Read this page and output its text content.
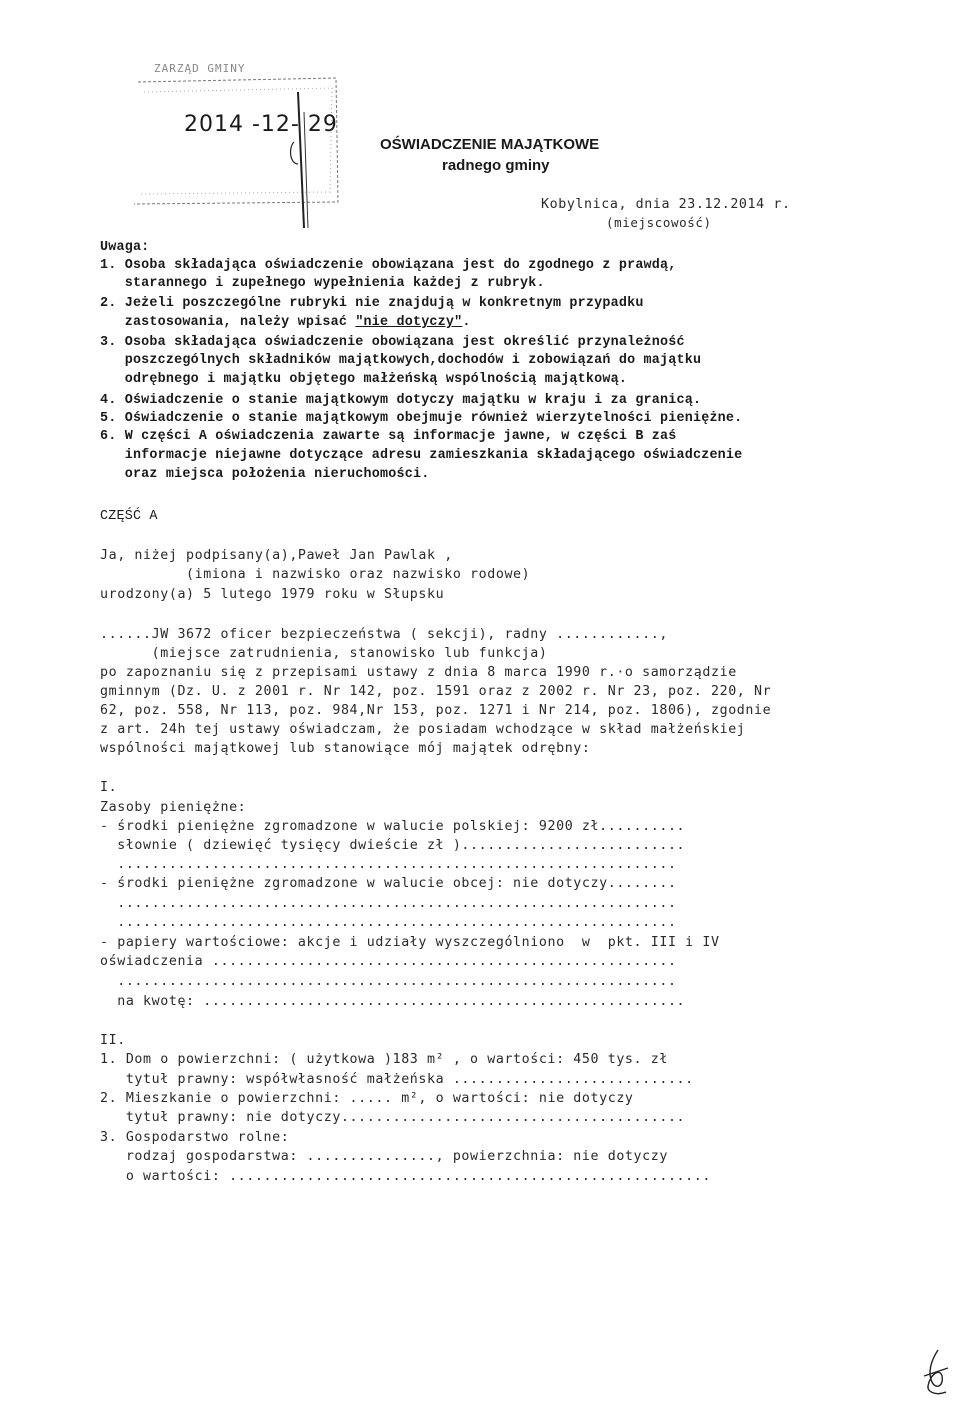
ZARZĄD GMINY
2014 -12- 29
OŚWIADCZENIE MAJĄTKOWE
radnego gminy
Kobylnica, dnia 23.12.2014 r.
(miejscowość)
Uwaga:
1. Osoba składająca oświadczenie obowiązana jest do zgodnego z prawdą,
starannego i zupełnego wypełnienia każdej z rubryk.
2. Jeżeli poszczególne rubryki nie znajdują w konkretnym przypadku
zastosowania, należy wpisać "nie dotyczy".
3. Osoba składająca oświadczenie obowiązana jest określić przynależność
poszczególnych składników majątkowych,dochodów i zobowiązań do majątku
odrębnego i majątku objętego małżeńską wspólnością majątkową.
4. Oświadczenie o stanie majątkowym dotyczy majątku w kraju i za granicą.
5. Oświadczenie o stanie majątkowym obejmuje również wierzytelności pieniężne.
6. W części A oświadczenia zawarte są informacje jawne, w części B zaś
informacje niejawne dotyczące adresu zamieszkania składającego oświadczenie
oraz miejsca położenia nieruchomości.
CZĘŚĆ A
Ja, niżej podpisany(a),Paweł Jan Pawlak ,
(imiona i nazwisko oraz nazwisko rodowe)
urodzony(a) 5 lutego 1979 roku w Słupsku
......JW 3672 oficer bezpieczeństwa ( sekcji), radny ............,
(miejsce zatrudnienia, stanowisko lub funkcja)
po zapoznaniu się z przepisami ustawy z dnia 8 marca 1990 r.·o samorządzie
gminnym (Dz. U. z 2001 r. Nr 142, poz. 1591 oraz z 2002 r. Nr 23, poz. 220, Nr
62, poz. 558, Nr 113, poz. 984,Nr 153, poz. 1271 i Nr 214, poz. 1806), zgodnie
z art. 24h tej ustawy oświadczam, że posiadam wchodzące w skład małżeńskiej
wspólności majątkowej lub stanowiące mój majątek odrębny:
I.
Zasoby pieniężne:
- środki pieniężne zgromadzone w walucie polskiej: 9200 zł..........
słownie ( dziewięć tysięcy dwieście zł )..........................
.................................................................
- środki pieniężne zgromadzone w walucie obcej: nie dotyczy........
.................................................................
.................................................................
- papiery wartościowe: akcje i udziały wyszczególniono  w  pkt. III i IV
oświadczenia ......................................................
.................................................................
na kwotę: ........................................................
II.
1. Dom o powierzchni: ( użytkowa )183 m² , o wartości: 450 tys. zł
tytuł prawny: współwłasność małżeńska ............................
2. Mieszkanie o powierzchni: ..... m², o wartości: nie dotyczy
tytuł prawny: nie dotyczy........................................
3. Gospodarstwo rolne:
rodzaj gospodarstwa: ..............., powierzchnia: nie dotyczy
o wartości: ........................................................
